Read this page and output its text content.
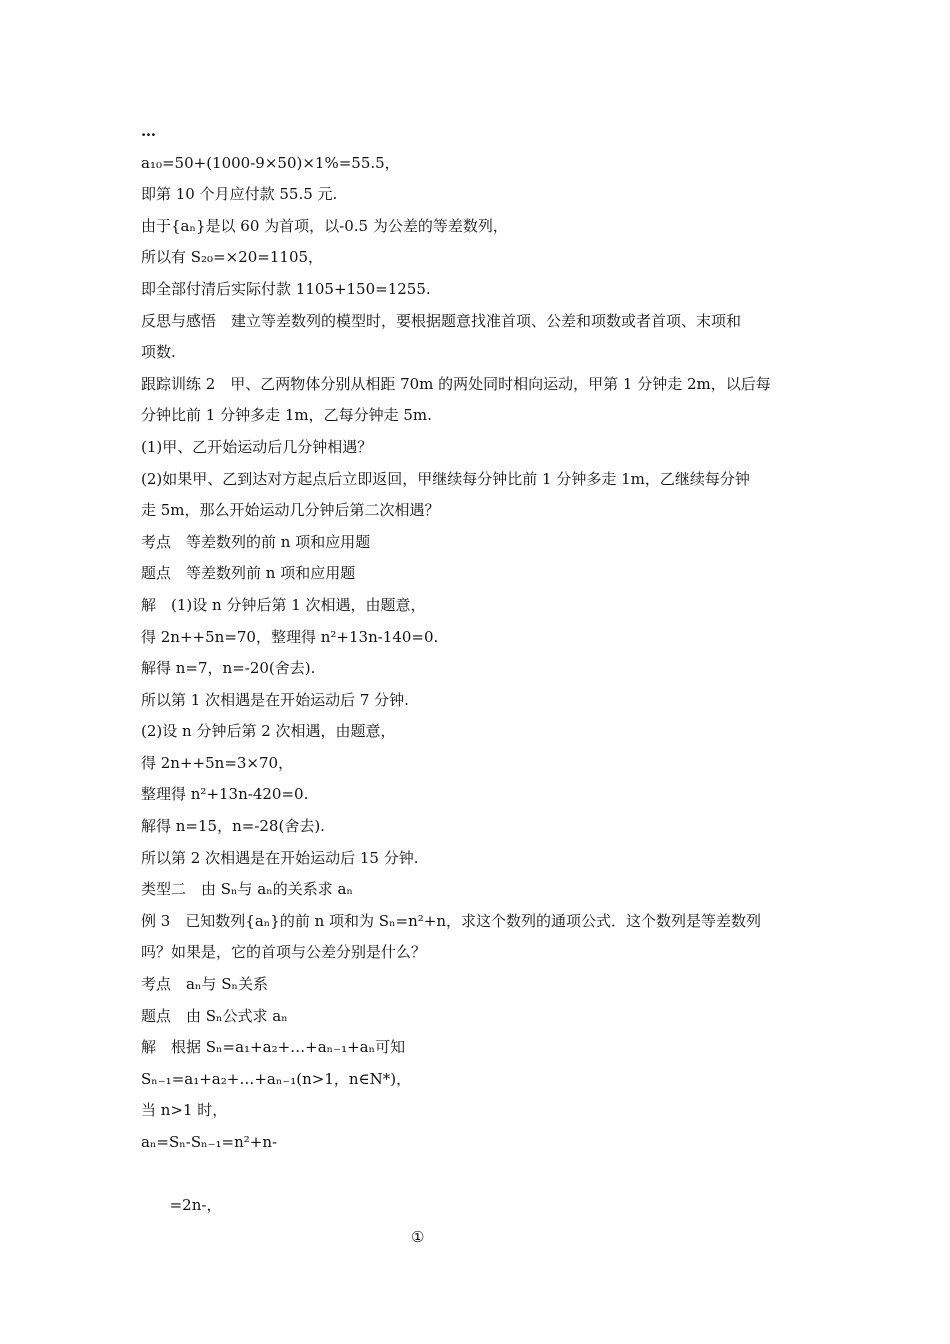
…
a₁₀=50+(1000-9×50)×1%=55.5，
即第 10 个月应付款 55.5 元.
由于{aₙ}是以 60 为首项，以-0.5 为公差的等差数列，
所以有 S₂₀=×20=1105，
即全部付清后实际付款 1105+150=1255.
反思与感悟　建立等差数列的模型时，要根据题意找准首项、公差和项数或者首项、末项和
项数.
跟踪训练 2　甲、乙两物体分别从相距 70m 的两处同时相向运动，甲第 1 分钟走 2m，以后每
分钟比前 1 分钟多走 1m，乙每分钟走 5m.
(1)甲、乙开始运动后几分钟相遇？
(2)如果甲、乙到达对方起点后立即返回，甲继续每分钟比前 1 分钟多走 1m，乙继续每分钟
走 5m，那么开始运动几分钟后第二次相遇？
考点　等差数列的前 n 项和应用题
题点　等差数列前 n 项和应用题
解　(1)设 n 分钟后第 1 次相遇，由题意，
得 2n++5n=70，整理得 n²+13n-140=0.
解得 n=7，n=-20(舍去).
所以第 1 次相遇是在开始运动后 7 分钟.
(2)设 n 分钟后第 2 次相遇，由题意，
得 2n++5n=3×70，
整理得 n²+13n-420=0.
解得 n=15，n=-28(舍去).
所以第 2 次相遇是在开始运动后 15 分钟.
类型二　由 Sₙ与 aₙ的关系求 aₙ
例 3　已知数列{aₙ}的前 n 项和为 Sₙ=n²+n，求这个数列的通项公式．这个数列是等差数列
吗？如果是，它的首项与公差分别是什么？
考点　aₙ与 Sₙ关系
题点　由 Sₙ公式求 aₙ
解　根据 Sₙ=a₁+a₂+…+aₙ₋₁+aₙ可知
Sₙ₋₁=a₁+a₂+…+aₙ₋₁(n>1，n∈N*)，
当 n>1 时，
aₙ=Sₙ-Sₙ₋₁=n²+n-

=2n-，

①
